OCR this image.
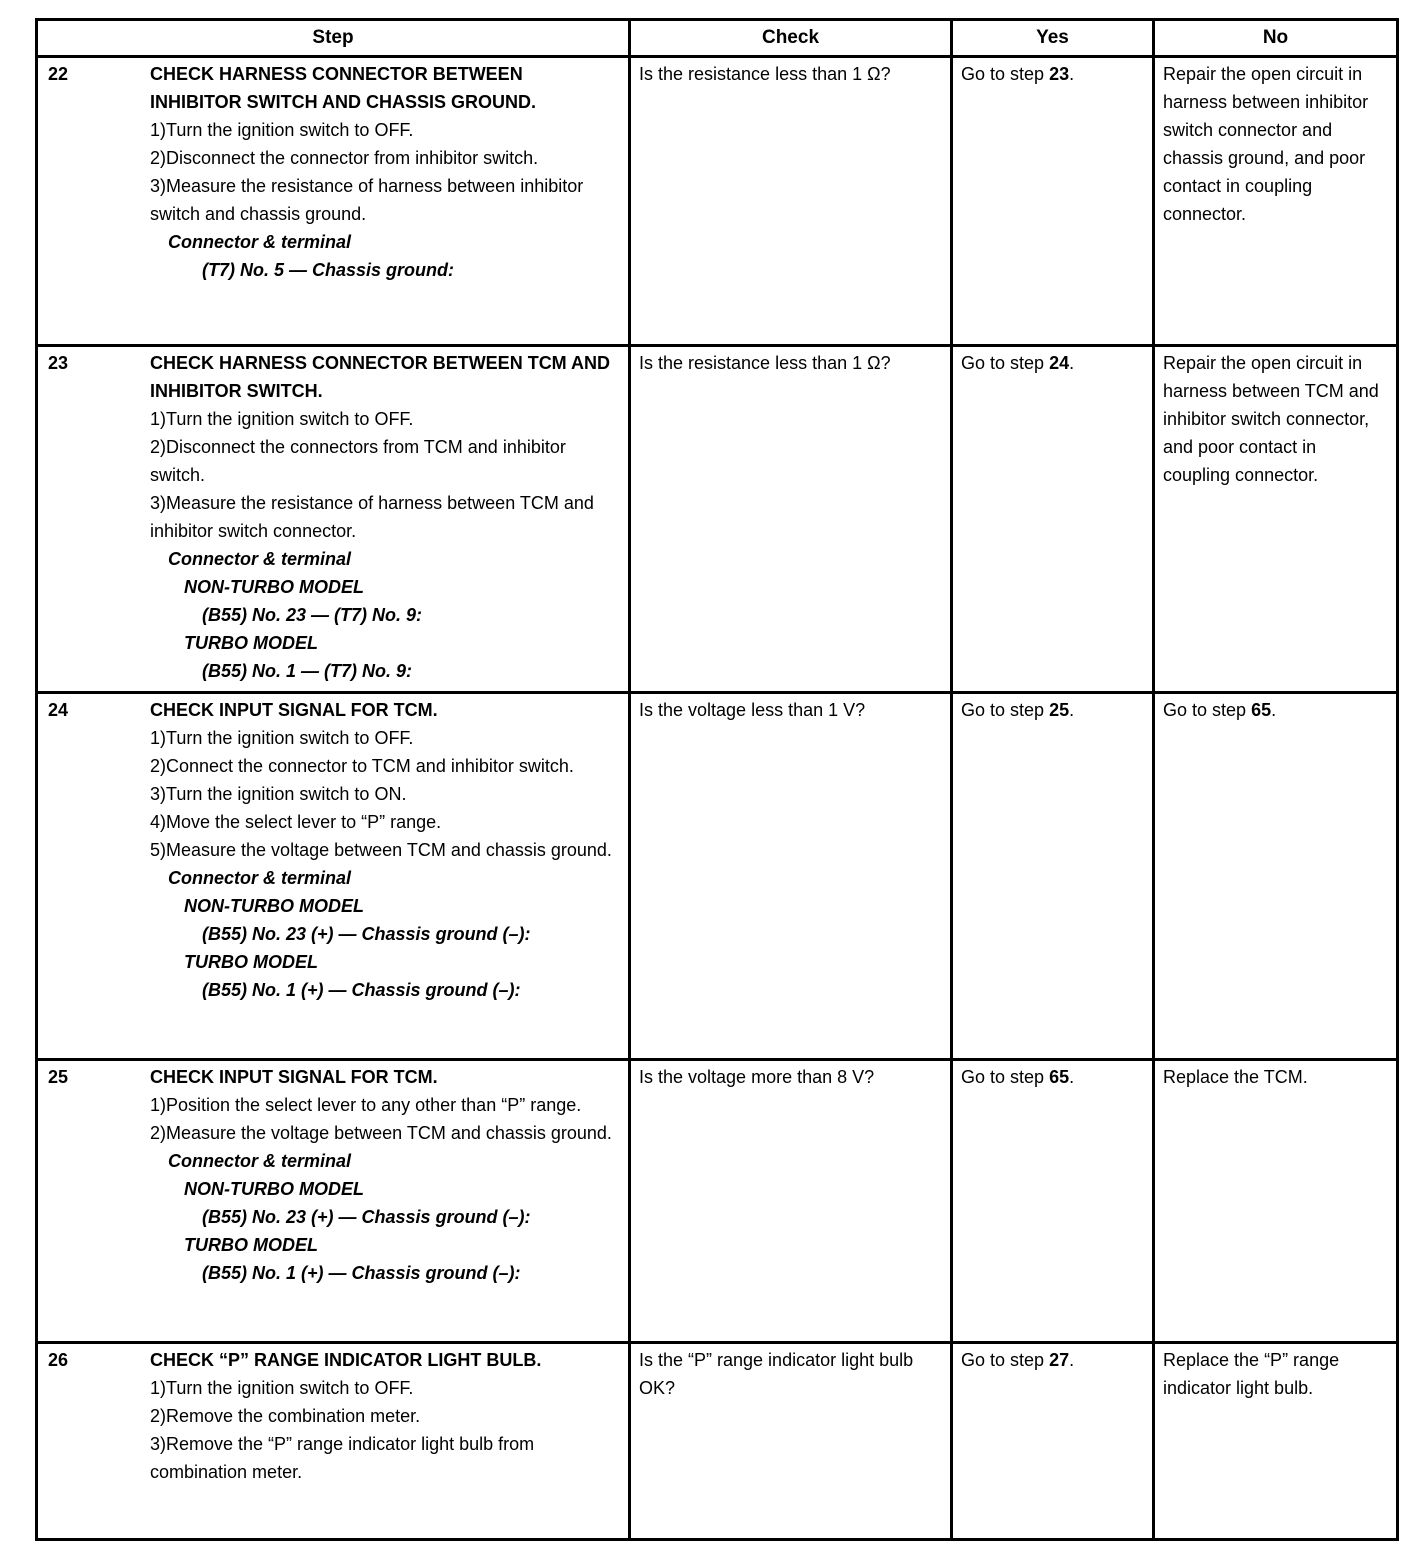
Step	Check	Yes	No

22	CHECK HARNESS CONNECTOR BETWEEN INHIBITOR SWITCH AND CHASSIS GROUND.
1)Turn the ignition switch to OFF.
2)Disconnect the connector from inhibitor switch.
3)Measure the resistance of harness between inhibitor switch and chassis ground.
Connector & terminal
(T7) No. 5 — Chassis ground:
	Is the resistance less than 1 Ω?	Go to step 23.	Repair the open circuit in harness between inhibitor switch connector and chassis ground, and poor contact in coupling connector.

23	CHECK HARNESS CONNECTOR BETWEEN TCM AND INHIBITOR SWITCH.
1)Turn the ignition switch to OFF.
2)Disconnect the connectors from TCM and inhibitor switch.
3)Measure the resistance of harness between TCM and inhibitor switch connector.
Connector & terminal
NON-TURBO MODEL
(B55) No. 23 — (T7) No. 9:
TURBO MODEL
(B55) No. 1 — (T7) No. 9:
	Is the resistance less than 1 Ω?	Go to step 24.	Repair the open circuit in harness between TCM and inhibitor switch connector, and poor contact in coupling connector.

24	CHECK INPUT SIGNAL FOR TCM.
1)Turn the ignition switch to OFF.
2)Connect the connector to TCM and inhibitor switch.
3)Turn the ignition switch to ON.
4)Move the select lever to “P” range.
5)Measure the voltage between TCM and chassis ground.
Connector & terminal
NON-TURBO MODEL
(B55) No. 23 (+) — Chassis ground (–):
TURBO MODEL
(B55) No. 1 (+) — Chassis ground (–):
	Is the voltage less than 1 V?	Go to step 25.	Go to step 65.

25	CHECK INPUT SIGNAL FOR TCM.
1)Position the select lever to any other than “P” range.
2)Measure the voltage between TCM and chassis ground.
Connector & terminal
NON-TURBO MODEL
(B55) No. 23 (+) — Chassis ground (–):
TURBO MODEL
(B55) No. 1 (+) — Chassis ground (–):
	Is the voltage more than 8 V?	Go to step 65.	Replace the TCM.

26 CHECK “P” RANGE INDICATOR LIGHT BULB.
1)Turn the ignition switch to OFF.
2)Remove the combination meter.
3)Remove the “P” range indicator light bulb from combination meter.	Is the “P” range indicator light bulb OK?	Go to step 27.	Replace the “P” range indicator light bulb.
